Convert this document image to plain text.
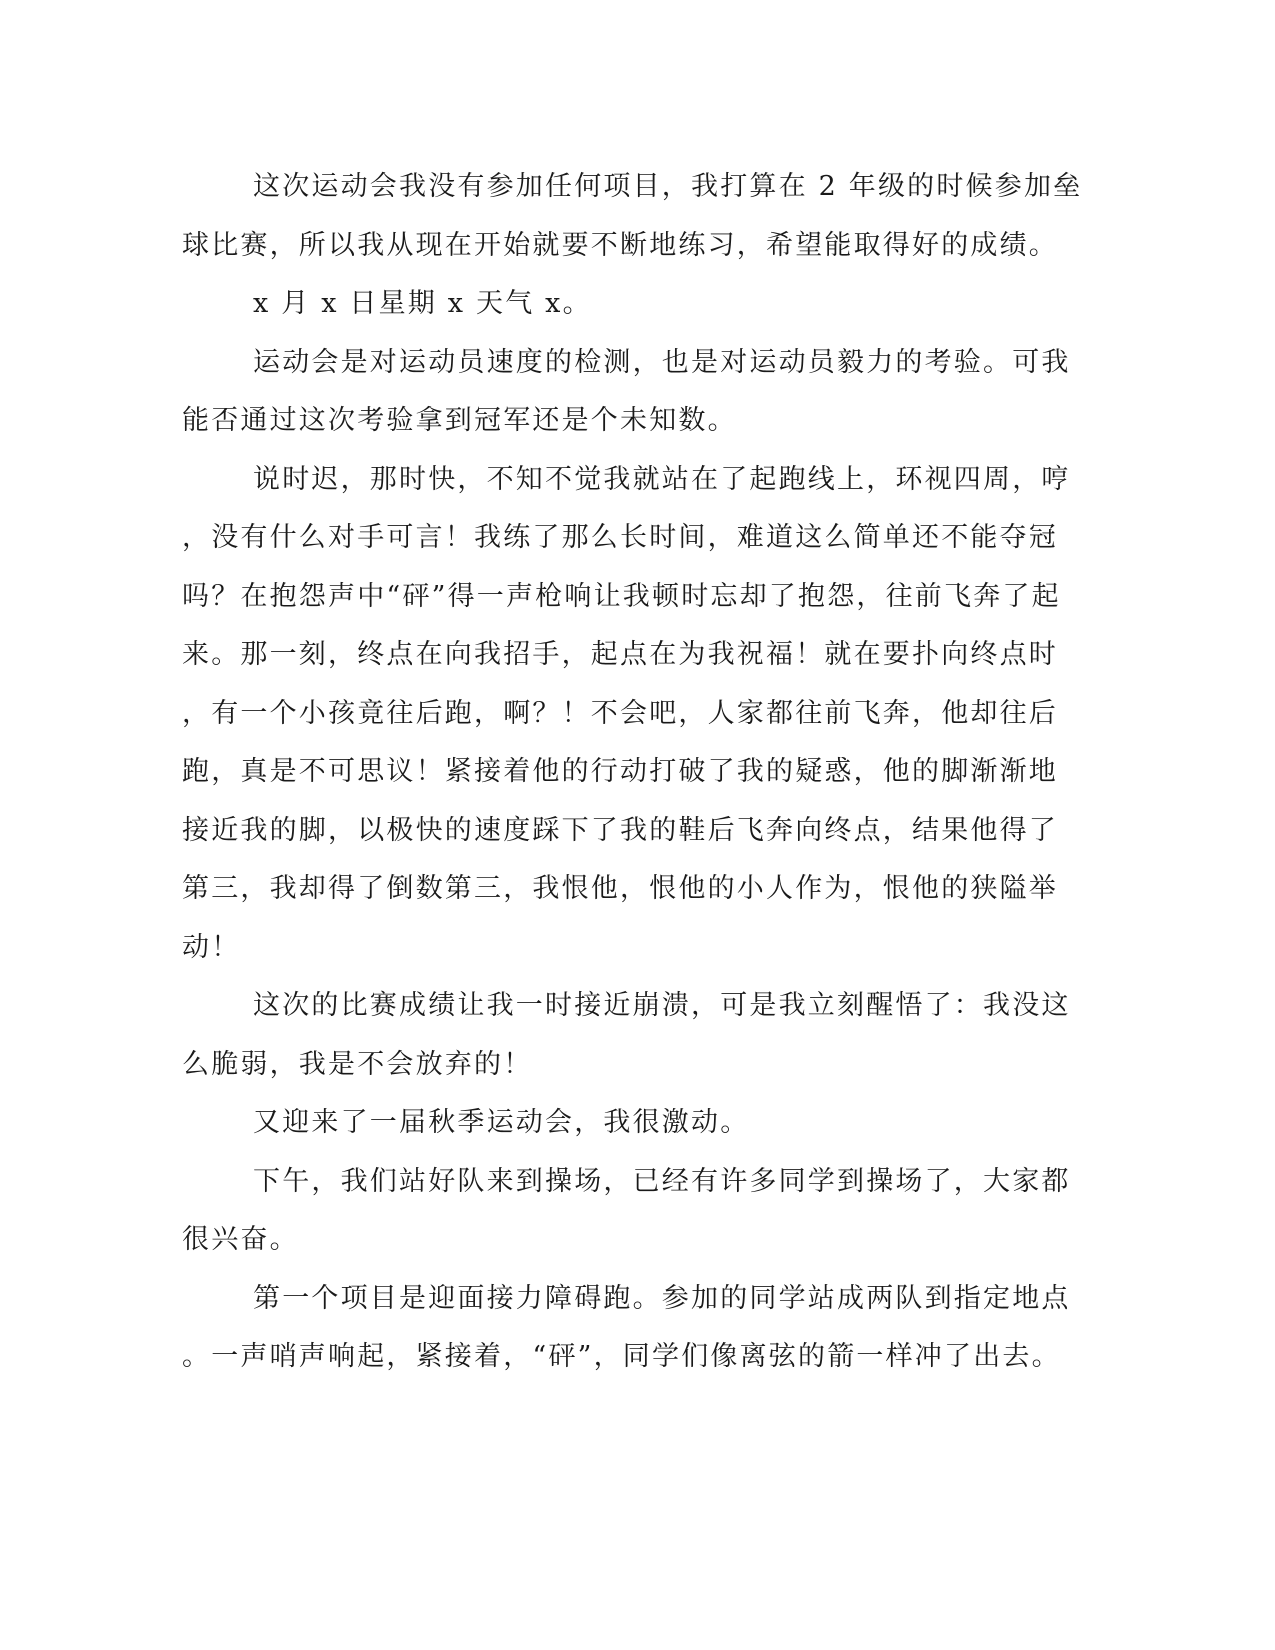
这次运动会我没有参加任何项目，我打算在 2 年级的时候参加垒
球比赛，所以我从现在开始就要不断地练习，希望能取得好的成绩。
x 月 x 日星期 x 天气 x。
运动会是对运动员速度的检测，也是对运动员毅力的考验。可我
能否通过这次考验拿到冠军还是个未知数。
说时迟，那时快，不知不觉我就站在了起跑线上，环视四周，哼
，没有什么对手可言！我练了那么长时间，难道这么简单还不能夺冠
吗？在抱怨声中“砰”得一声枪响让我顿时忘却了抱怨，往前飞奔了起
来。那一刻，终点在向我招手，起点在为我祝福！就在要扑向终点时
，有一个小孩竟往后跑，啊？！不会吧，人家都往前飞奔，他却往后
跑，真是不可思议！紧接着他的行动打破了我的疑惑，他的脚渐渐地
接近我的脚，以极快的速度踩下了我的鞋后飞奔向终点，结果他得了
第三，我却得了倒数第三，我恨他，恨他的小人作为，恨他的狭隘举
动！
这次的比赛成绩让我一时接近崩溃，可是我立刻醒悟了：我没这
么脆弱，我是不会放弃的！
又迎来了一届秋季运动会，我很激动。
下午，我们站好队来到操场，已经有许多同学到操场了，大家都
很兴奋。
第一个项目是迎面接力障碍跑。参加的同学站成两队到指定地点
。一声哨声响起，紧接着，“砰”，同学们像离弦的箭一样冲了出去。
